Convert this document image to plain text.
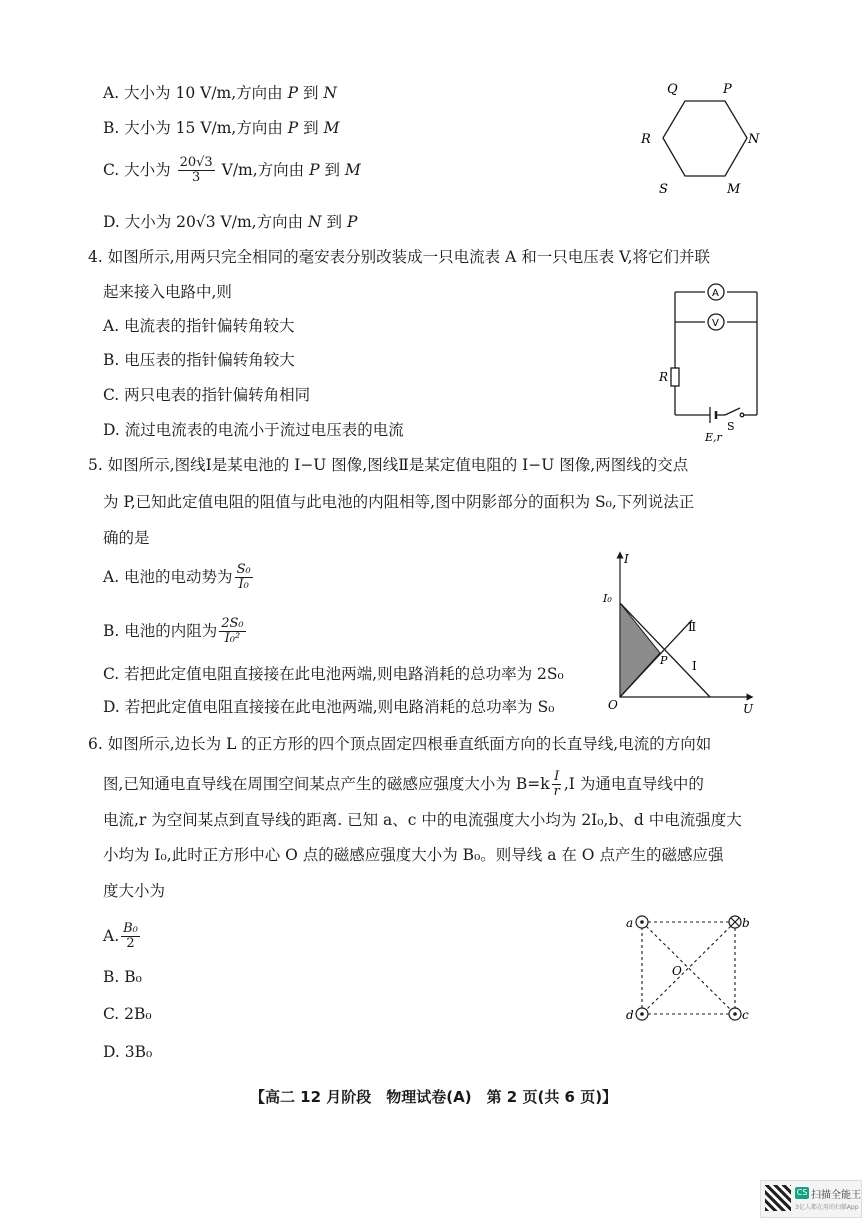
A. 大小为 10 V/m,方向由 P 到 N
B. 大小为 15 V/m,方向由 P 到 M
C. 大小为 $\frac{20√3}{3} V/m$,方向由 P 到 M
D. 大小为 20√3 V/m,方向由 N 到 P
Q	P
R	N
S	M
4. 如图所示,用两只完全相同的毫安表分别改装成一只电流表 A 和一只电压表 V,将它们并联
起来接入电路中,则
A. 电流表的指针偏转角较大
B. 电压表的指针偏转角较大
C. 两只电表的指针偏转角相同
D. 流过电流表的电流小于流过电压表的电流
A
V
R
E,r
S
5. 如图所示,图线Ⅰ是某电池的 I−U 图像,图线Ⅱ是某定值电阻的 I−U 图像,两图线的交点
为 P,已知此定值电阻的阻值与此电池的内阻相等,图中阴影部分的面积为 S₀,下列说法正
确的是
A. 电池的电动势为 $\frac{\text{S₀}}{\text{I₀}}$
B. 电池的内阻为 $\frac{\text{2S₀}}{\text{I₀²}}$
C. 若把此定值电阻直接接在此电池两端,则电路消耗的总功率为 2S₀
D. 若把此定值电阻直接接在此电池两端,则电路消耗的总功率为 S₀
I
U
O
I₀
Ⅰ
Ⅱ
P
6. 如图所示,边长为 L 的正方形的四个顶点固定四根垂直纸面方向的长直导线,电流的方向如
图,已知通电直导线在周围空间某点产生的磁感应强度大小为 $B=k \frac{I}{r} ,I$ 为通电直导线中的
电流,r 为空间某点到直导线的距离. 已知 a、c 中的电流强度大小均为 2I₀,b、d 中电流强度大
小均为 I₀,此时正方形中心 O 点的磁感应强度大小为 B₀。则导线 a 在 O 点产生的磁感应强
度大小为
A. $\frac{\text{B₀}}{2}$
B. B₀
C. 2B₀
D. 3B₀
a	b
c
d
O
【高二 12 月阶段　物理试卷(A)　第 2 页(共 6 页)】
CS 扫描全能王
3亿人都在用的扫描App
